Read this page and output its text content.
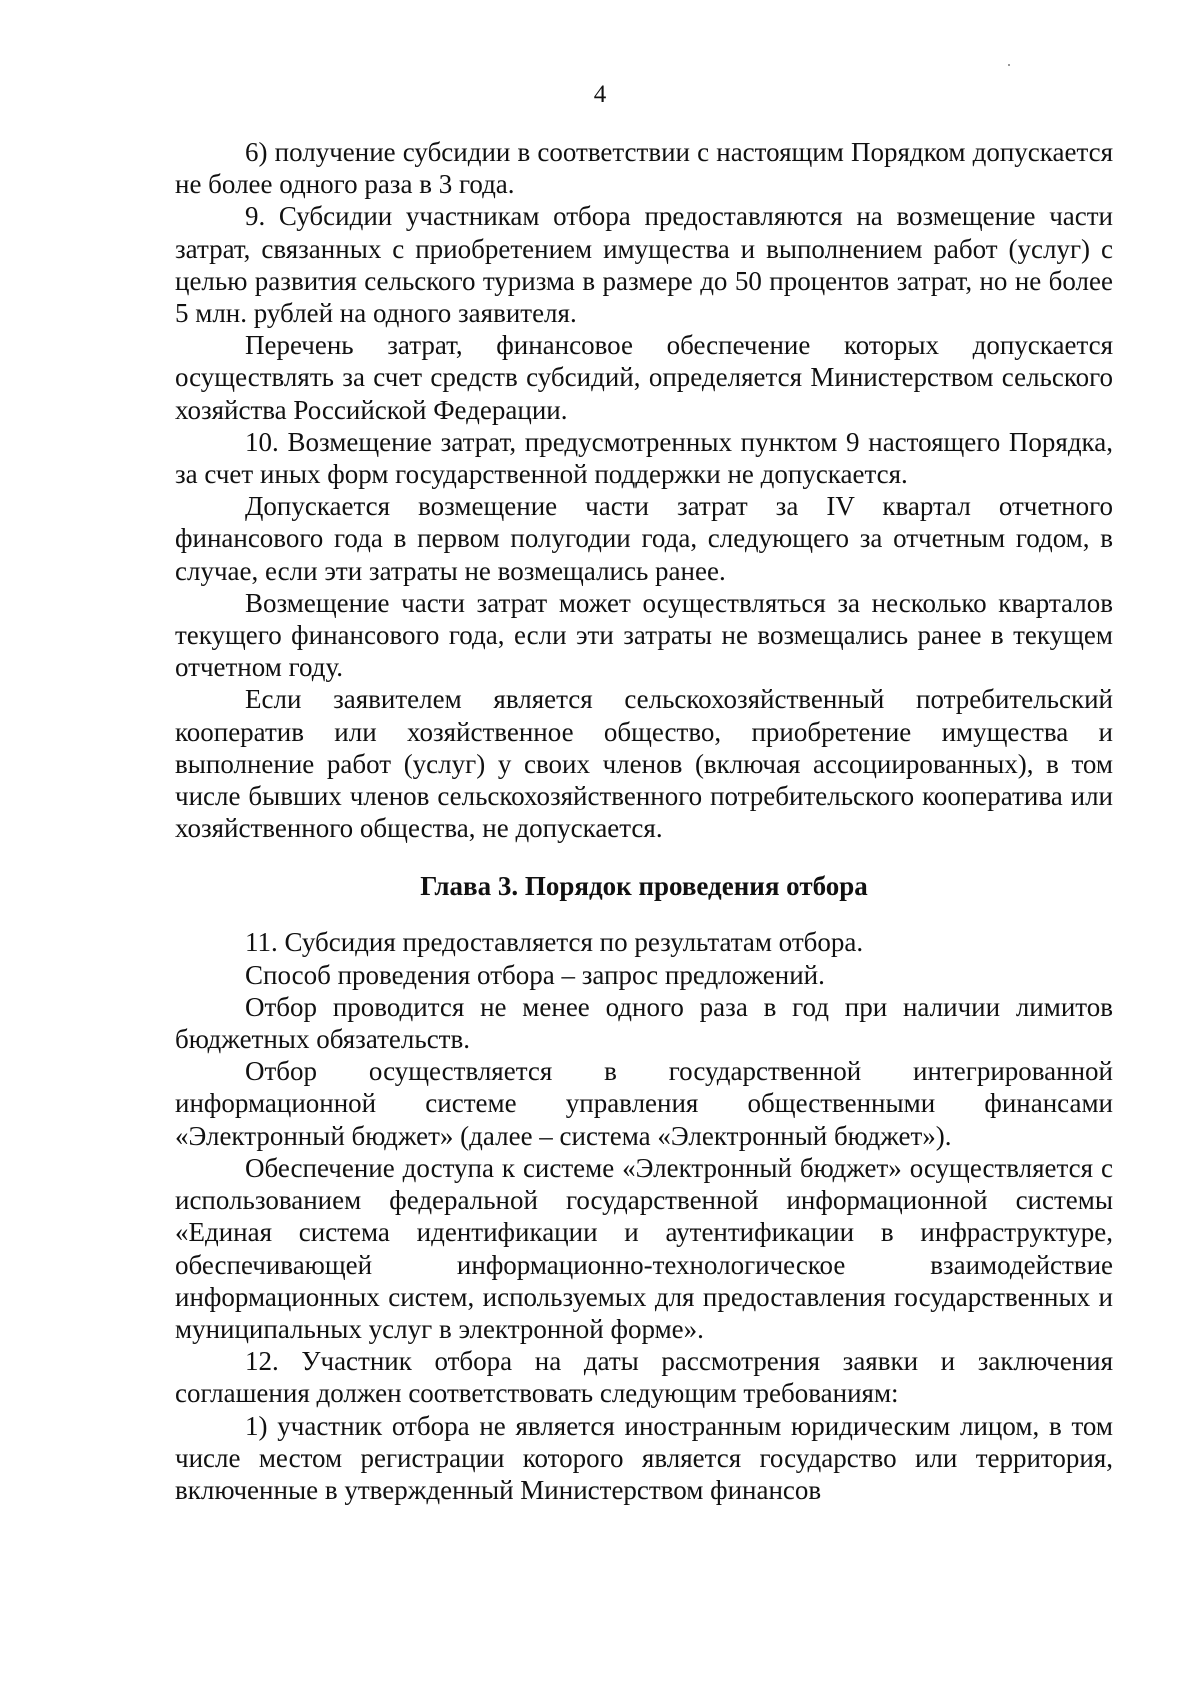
4

6) получение субсидии в соответствии с настоящим Порядком допускается не более одного раза в 3 года.

9. Субсидии участникам отбора предоставляются на возмещение части затрат, связанных с приобретением имущества и выполнением работ (услуг) с целью развития сельского туризма в размере до 50 процентов затрат, но не более 5 млн. рублей на одного заявителя.

Перечень затрат, финансовое обеспечение которых допускается осуществлять за счет средств субсидий, определяется Министерством сельского хозяйства Российской Федерации.

10. Возмещение затрат, предусмотренных пунктом 9 настоящего Порядка, за счет иных форм государственной поддержки не допускается.

Допускается возмещение части затрат за IV квартал отчетного финансового года в первом полугодии года, следующего за отчетным годом, в случае, если эти затраты не возмещались ранее.

Возмещение части затрат может осуществляться за несколько кварталов текущего финансового года, если эти затраты не возмещались ранее в текущем отчетном году.

Если заявителем является сельскохозяйственный потребительский кооператив или хозяйственное общество, приобретение имущества и выполнение работ (услуг) у своих членов (включая ассоциированных), в том числе бывших членов сельскохозяйственного потребительского кооператива или хозяйственного общества, не допускается.

Глава 3. Порядок проведения отбора

11. Субсидия предоставляется по результатам отбора.

Способ проведения отбора – запрос предложений.

Отбор проводится не менее одного раза в год при наличии лимитов бюджетных обязательств.

Отбор осуществляется в государственной интегрированной информационной системе управления общественными финансами «Электронный бюджет» (далее – система «Электронный бюджет»).

Обеспечение доступа к системе «Электронный бюджет» осуществляется с использованием федеральной государственной информационной системы «Единая система идентификации и аутентификации в инфраструктуре, обеспечивающей информационно-технологическое взаимодействие информационных систем, используемых для предоставления государственных и муниципальных услуг в электронной форме».

12. Участник отбора на даты рассмотрения заявки и заключения соглашения должен соответствовать следующим требованиям:

1) участник отбора не является иностранным юридическим лицом, в том числе местом регистрации которого является государство или территория, включенные в утвержденный Министерством финансов
